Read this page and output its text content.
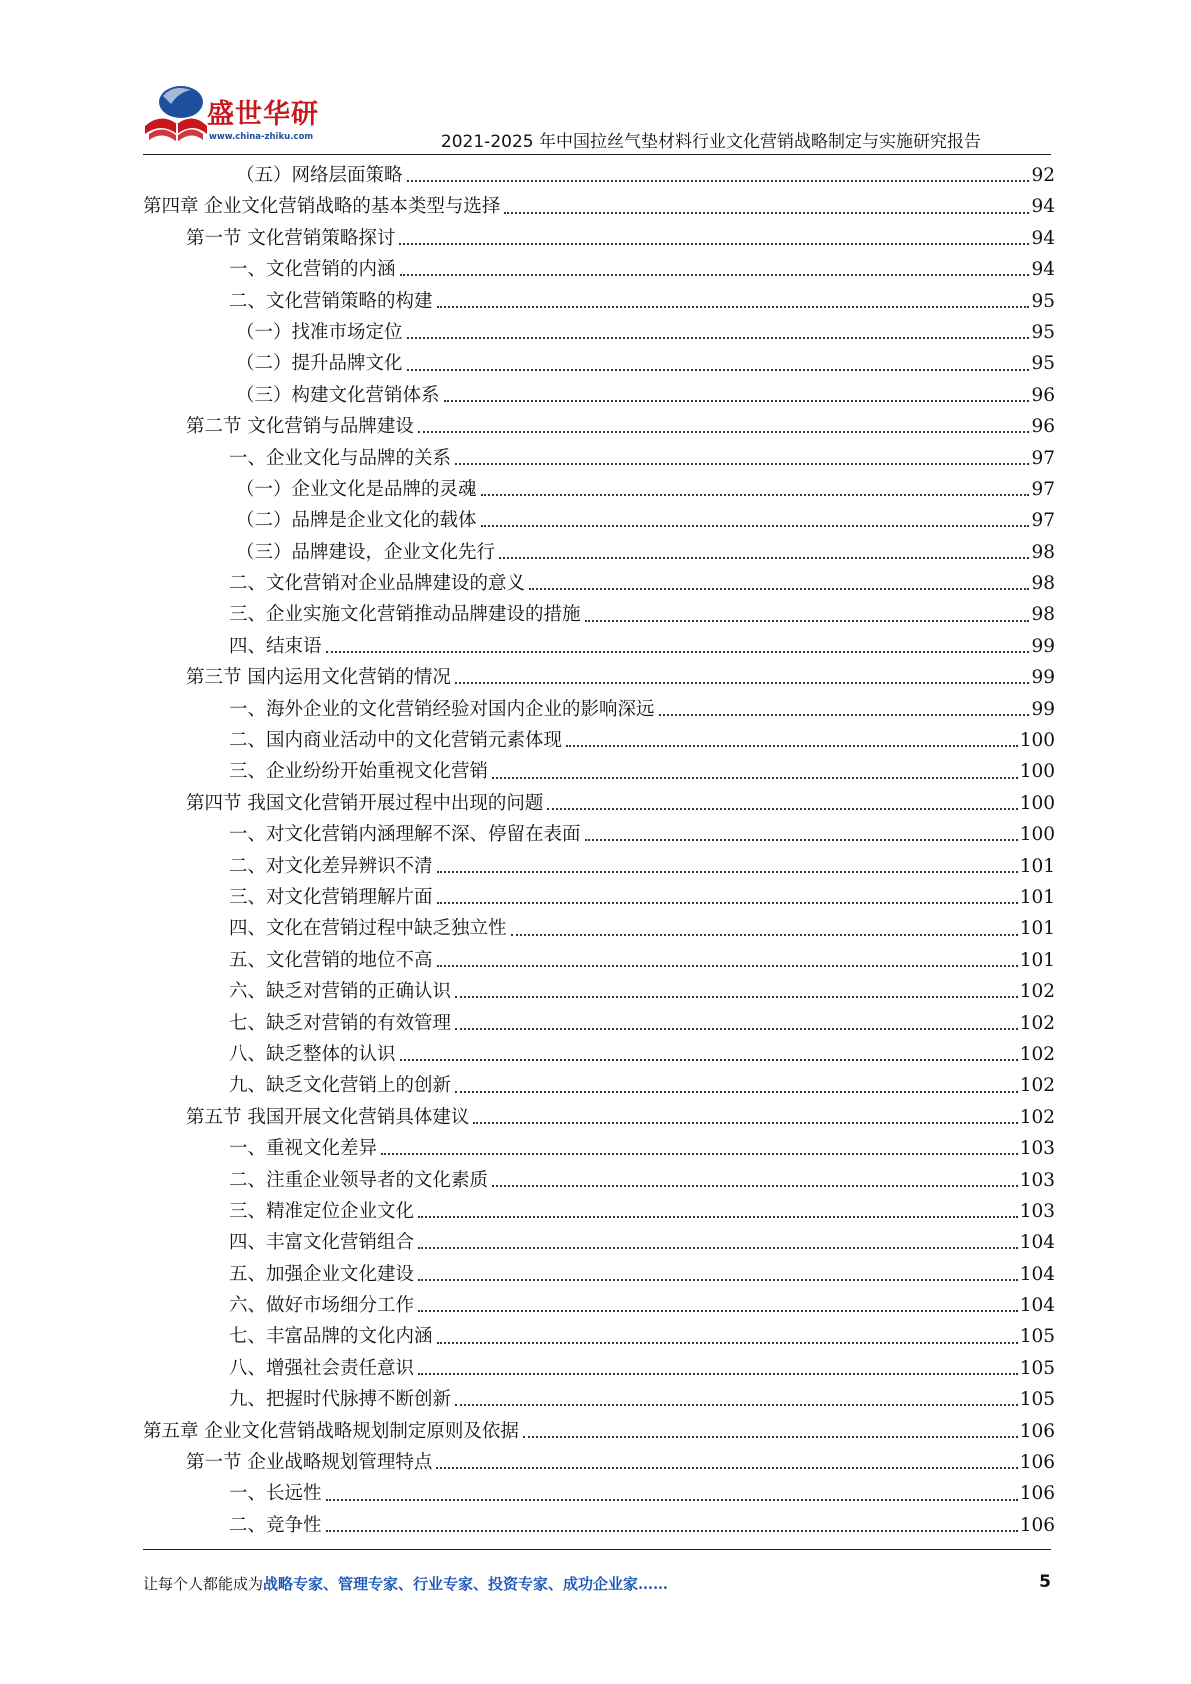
盛世华研
www.china-zhiku.com	2021-2025 年中国拉丝气垫材料行业文化营销战略制定与实施研究报告
（五）网络层面策略	92
第四章 企业文化营销战略的基本类型与选择	94
第一节 文化营销策略探讨	94
一、文化营销的内涵	94
二、文化营销策略的构建	95
（一）找准市场定位	95
（二）提升品牌文化	95
（三）构建文化营销体系	96
第二节 文化营销与品牌建设	96
一、企业文化与品牌的关系	97
（一）企业文化是品牌的灵魂	97
（二）品牌是企业文化的载体	97
（三）品牌建设，企业文化先行	98
二、文化营销对企业品牌建设的意义	98
三、企业实施文化营销推动品牌建设的措施	98
四、结束语	99
第三节 国内运用文化营销的情况	99
一、海外企业的文化营销经验对国内企业的影响深远	99
二、国内商业活动中的文化营销元素体现	100
三、企业纷纷开始重视文化营销	100
第四节 我国文化营销开展过程中出现的问题	100
一、对文化营销内涵理解不深、停留在表面	100
二、对文化差异辨识不清	101
三、对文化营销理解片面	101
四、文化在营销过程中缺乏独立性	101
五、文化营销的地位不高	101
六、缺乏对营销的正确认识	102
七、缺乏对营销的有效管理	102
八、缺乏整体的认识	102
九、缺乏文化营销上的创新	102
第五节 我国开展文化营销具体建议	102
一、重视文化差异	103
二、注重企业领导者的文化素质	103
三、精准定位企业文化	103
四、丰富文化营销组合	104
五、加强企业文化建设	104
六、做好市场细分工作	104
七、丰富品牌的文化内涵	105
八、增强社会责任意识	105
九、把握时代脉搏不断创新	105
第五章 企业文化营销战略规划制定原则及依据	106
第一节 企业战略规划管理特点	106
一、长远性	106
二、竞争性	106
让每个人都能成为战略专家、管理专家、行业专家、投资专家、成功企业家……	5
